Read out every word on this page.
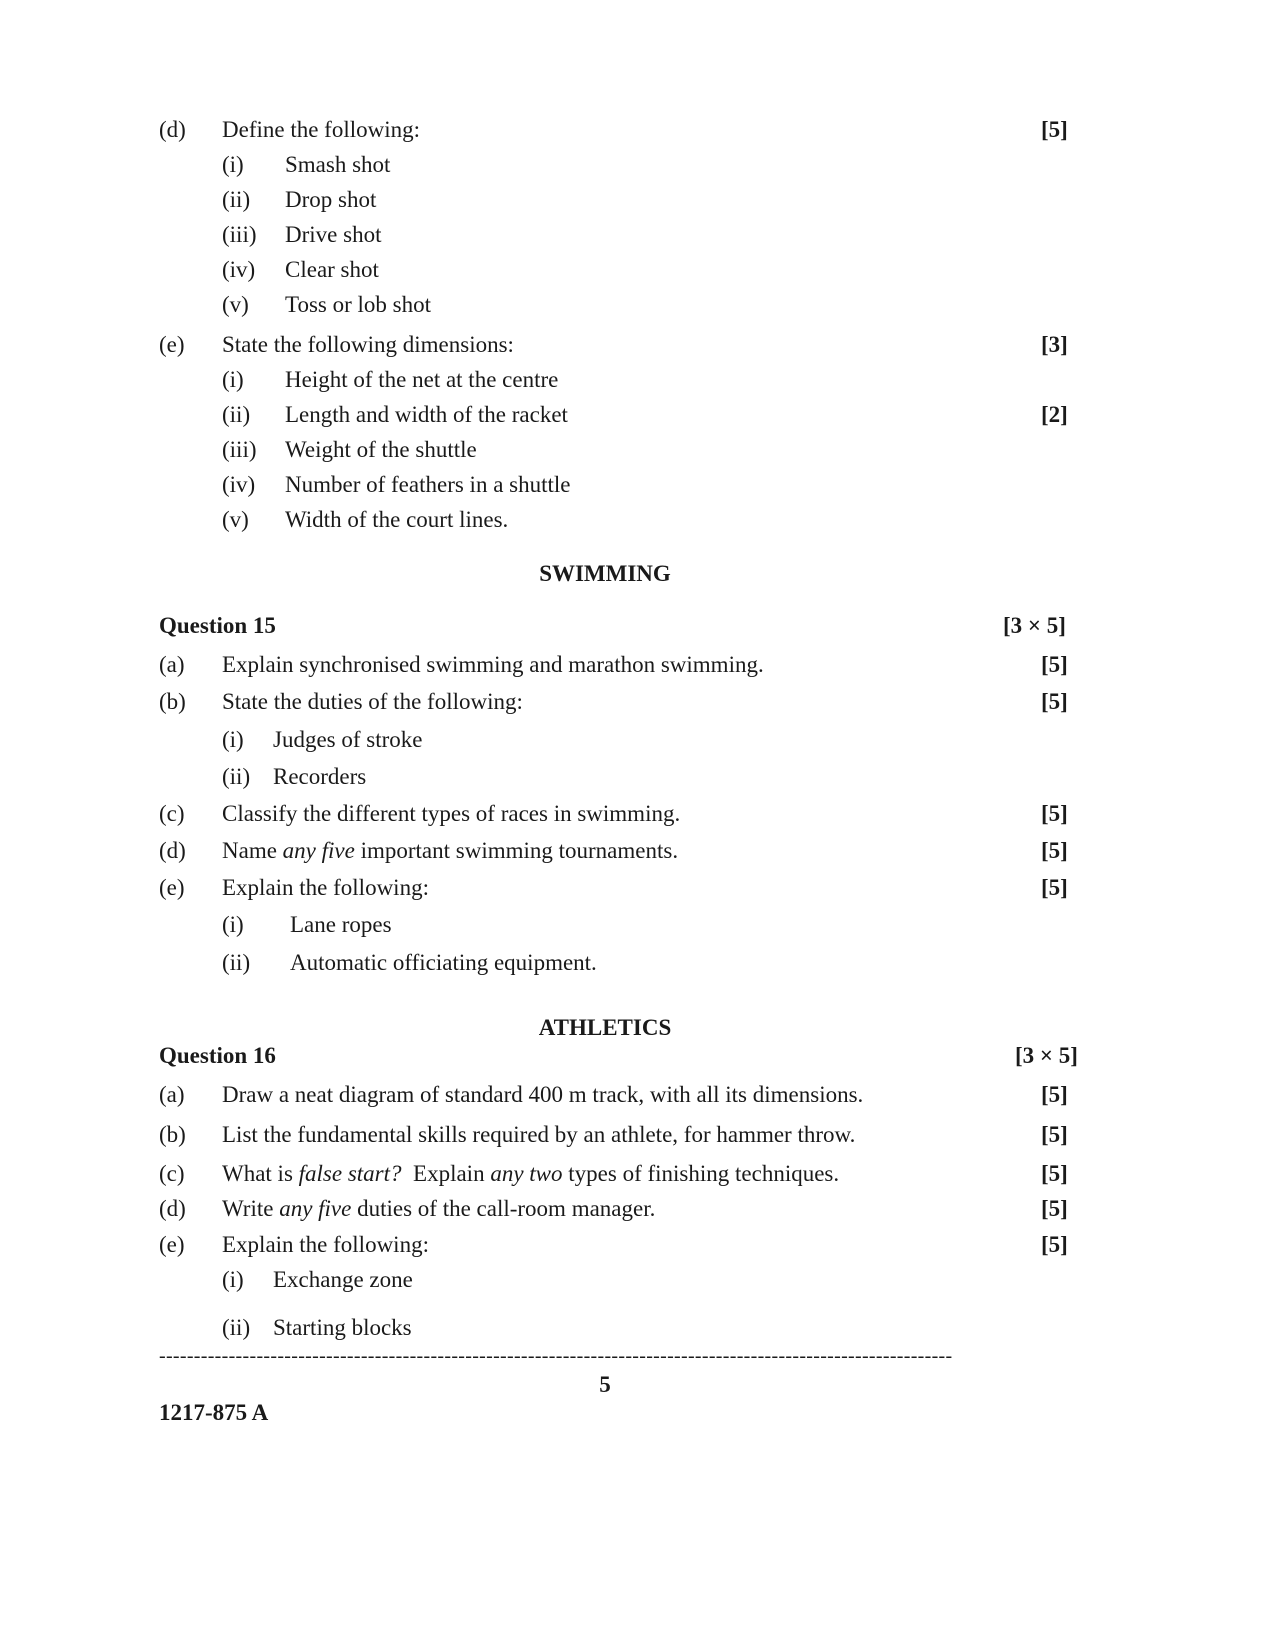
(d) Define the following:	[5]
(i) Smash shot
(ii) Drop shot
(iii) Drive shot
(iv) Clear shot
(v) Toss or lob shot
(e) State the following dimensions:	[3]
(i) Height of the net at the centre
(ii) Length and width of the racket	[2]
(iii) Weight of the shuttle
(iv) Number of feathers in a shuttle
(v) Width of the court lines.
SWIMMING
Question 15	[3 × 5]
(a) Explain synchronised swimming and marathon swimming.	[5]
(b) State the duties of the following:	[5]
(i) Judges of stroke
(ii) Recorders
(c) Classify the different types of races in swimming.	[5]
(d) Name any five important swimming tournaments.	[5]
(e) Explain the following:	[5]
(i) Lane ropes
(ii) Automatic officiating equipment.
ATHLETICS
Question 16	[3 × 5]
(a) Draw a neat diagram of standard 400 m track, with all its dimensions.	[5]
(b) List the fundamental skills required by an athlete, for hammer throw.	[5]
(c) What is false start?  Explain any two types of finishing techniques.	[5]
(d) Write any five duties of the call-room manager.	[5]
(e) Explain the following:	[5]
(i) Exchange zone
(ii) Starting blocks
------------------------------------------------------------------------------------------------------------------
5
1217-875 A
